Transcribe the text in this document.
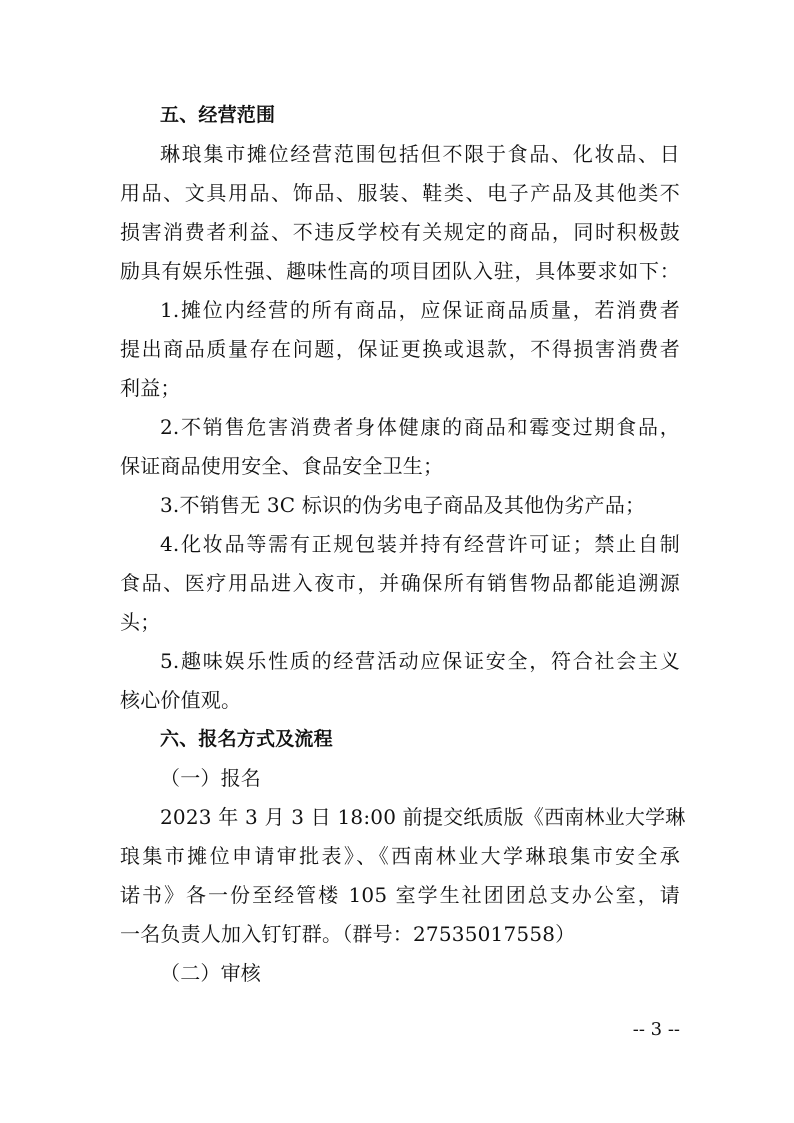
五、经营范围
琳琅集市摊位经营范围包括但不限于食品、化妆品、日
用品、文具用品、饰品、服装、鞋类、电子产品及其他类不
损害消费者利益、不违反学校有关规定的商品，同时积极鼓
励具有娱乐性强、趣味性高的项目团队入驻，具体要求如下：
1.摊位内经营的所有商品，应保证商品质量，若消费者
提出商品质量存在问题，保证更换或退款，不得损害消费者
利益；
2.不销售危害消费者身体健康的商品和霉变过期食品，
保证商品使用安全、食品安全卫生；
3.不销售无 3C 标识的伪劣电子商品及其他伪劣产品；
4.化妆品等需有正规包装并持有经营许可证；禁止自制
食品、医疗用品进入夜市，并确保所有销售物品都能追溯源
头；
5.趣味娱乐性质的经营活动应保证安全，符合社会主义
核心价值观。
六、报名方式及流程
（一）报名
2023 年 3 月 3 日 18:00 前提交纸质版《西南林业大学琳
琅集市摊位申请审批表》、《西南林业大学琳琅集市安全承
诺书》各一份至经管楼 105 室学生社团团总支办公室，请
一名负责人加入钉钉群。（群号：27535017558）
（二）审核
-- 3 --
